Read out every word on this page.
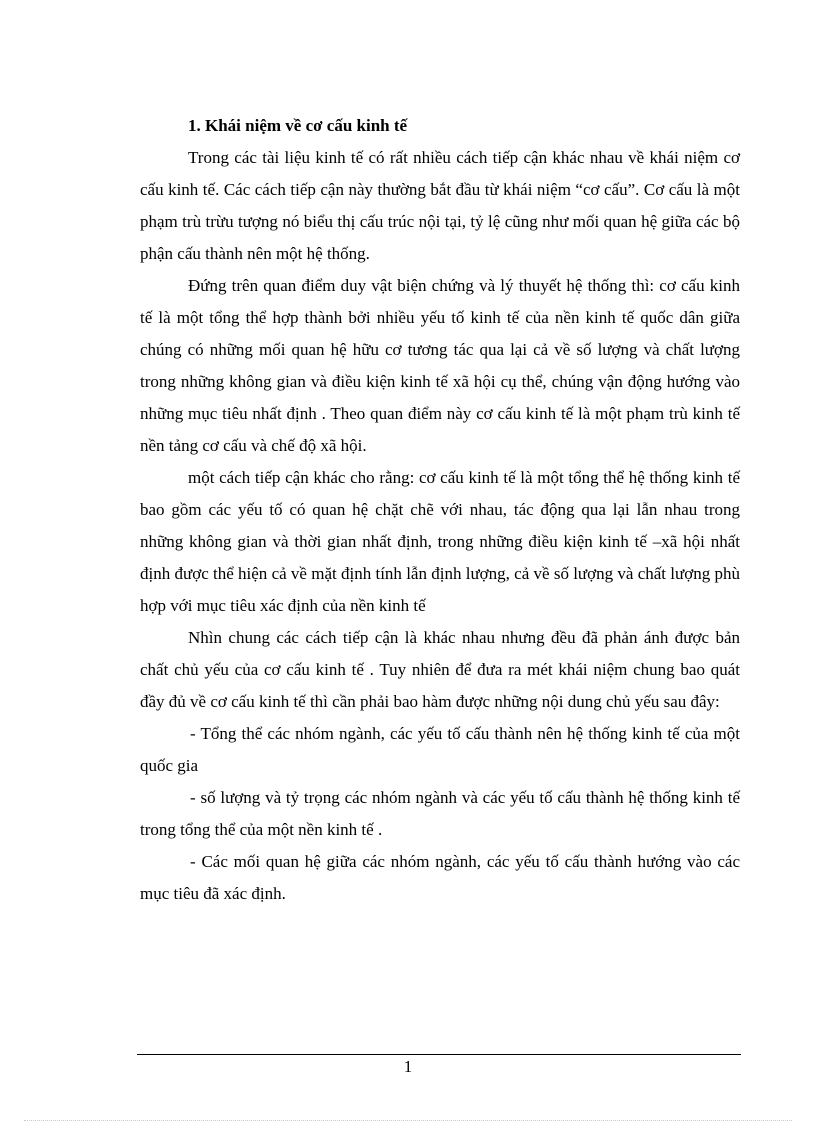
1. Khái niệm về cơ cấu kinh tế

Trong các tài liệu kinh tế có rất nhiều cách tiếp cận khác nhau về khái niệm cơ cấu kinh tế. Các cách tiếp cận này thường bắt đầu từ khái niệm “cơ cấu”. Cơ cấu là một phạm trù trừu tượng nó biểu thị cấu trúc nội tại, tỷ lệ cũng như mối quan hệ giữa các bộ phận cấu thành nên một hệ thống.

Đứng trên quan điểm duy vật biện chứng và lý thuyết hệ thống thì: cơ cấu kinh tế là một tổng thể hợp thành bởi nhiều yếu tố kinh tế của nền kinh tế quốc dân giữa chúng có những mối quan hệ hữu cơ tương tác qua lại cả về số lượng và chất lượng trong những không gian và điều kiện kinh tế xã hội cụ thể, chúng vận động hướng vào những mục tiêu nhất định . Theo quan điểm này cơ cấu kinh tế là một phạm trù kinh tế nền tảng cơ cấu và chế độ xã hội.

một cách tiếp cận khác cho rằng: cơ cấu kinh tế là một tổng thể hệ thống kinh tế bao gồm các yếu tố có quan hệ chặt chẽ với nhau, tác động qua lại lẫn nhau trong những không gian và thời gian nhất định, trong những điều kiện kinh tế –xã hội nhất định được thể hiện cả về mặt định tính lẫn định lượng, cả về số lượng và chất lượng phù hợp với mục tiêu xác định của nền kinh tế

Nhìn chung các cách tiếp cận là khác nhau nhưng đều đã phản ánh được bản chất chủ yếu của cơ cấu kinh tế . Tuy nhiên để đưa ra mét khái niệm chung bao quát đầy đủ về cơ cấu kinh tế thì cần phải bao hàm được những nội dung chủ yếu sau đây:

- Tổng thể các nhóm ngành, các yếu tố cấu thành nên hệ thống kinh tế của một quốc gia

- số lượng và tỷ trọng các nhóm ngành và các yếu tố cấu thành hệ thống kinh tế trong tổng thể của một nền kinh tế .

- Các mối quan hệ giữa các nhóm ngành, các yếu tố cấu thành hướng vào các mục tiêu đã xác định.

1
